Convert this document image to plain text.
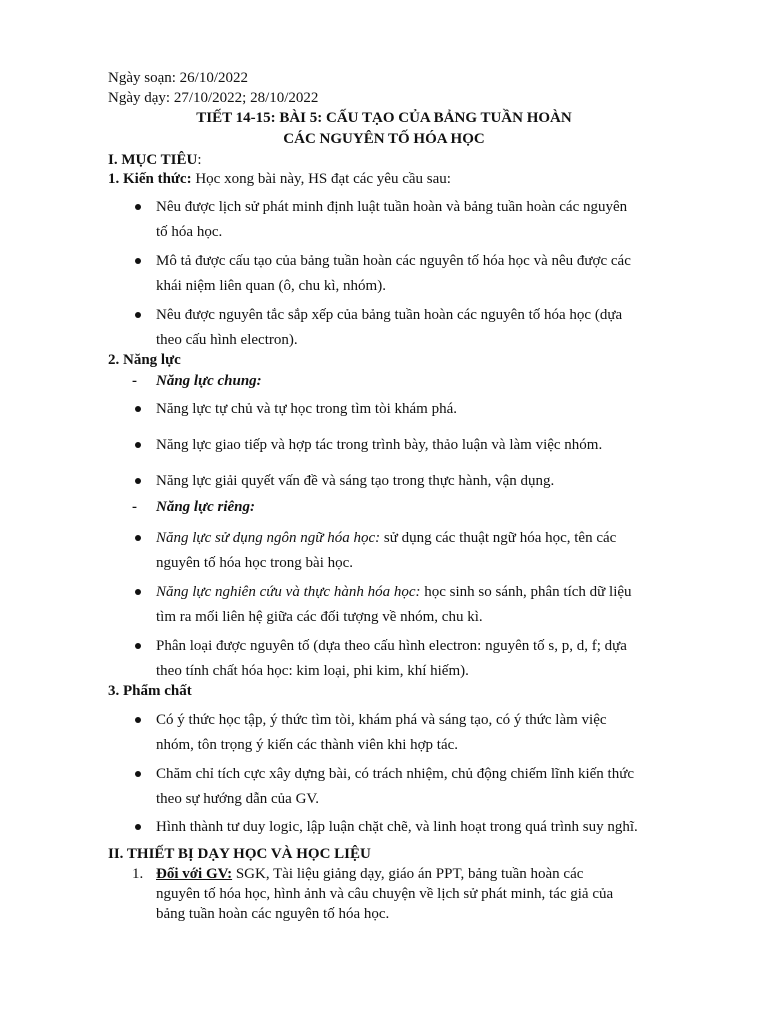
Ngày soạn: 26/10/2022
Ngày dạy: 27/10/2022; 28/10/2022
TIẾT 14-15: BÀI 5: CẤU TẠO CỦA BẢNG TUẦN HOÀN
CÁC NGUYÊN TỐ HÓA HỌC
I. MỤC TIÊU:
1. Kiến thức: Học xong bài này, HS đạt các yêu cầu sau:
Nêu được lịch sử phát minh định luật tuần hoàn và bảng tuần hoàn các nguyên
tố hóa học.
Mô tả được cấu tạo của bảng tuần hoàn các nguyên tố hóa học và nêu được các
khái niệm liên quan (ô, chu kì, nhóm).
Nêu được nguyên tắc sắp xếp của bảng tuần hoàn các nguyên tố hóa học (dựa
theo cấu hình electron).
2. Năng lực
- Năng lực chung:
Năng lực tự chủ và tự học trong tìm tòi khám phá.
Năng lực giao tiếp và hợp tác trong trình bày, thảo luận và làm việc nhóm.
Năng lực giải quyết vấn đề và sáng tạo trong thực hành, vận dụng.
- Năng lực riêng:
Năng lực sử dụng ngôn ngữ hóa học: sử dụng các thuật ngữ hóa học, tên các
nguyên tố hóa học trong bài học.
Năng lực nghiên cứu và thực hành hóa học: học sinh so sánh, phân tích dữ liệu
tìm ra mối liên hệ giữa các đối tượng về nhóm, chu kì.
Phân loại được nguyên tố (dựa theo cấu hình electron: nguyên tố s, p, d, f; dựa
theo tính chất hóa học: kim loại, phi kim, khí hiếm).
3. Phẩm chất
Có ý thức học tập, ý thức tìm tòi, khám phá và sáng tạo, có ý thức làm việc
nhóm, tôn trọng ý kiến các thành viên khi hợp tác.
Chăm chỉ tích cực xây dựng bài, có trách nhiệm, chủ động chiếm lĩnh kiến thức
theo sự hướng dẫn của GV.
Hình thành tư duy logic, lập luận chặt chẽ, và linh hoạt trong quá trình suy nghĩ.
II. THIẾT BỊ DẠY HỌC VÀ HỌC LIỆU
1. Đối với GV: SGK, Tài liệu giảng dạy, giáo án PPT, bảng tuần hoàn các
nguyên tố hóa học, hình ảnh và câu chuyện về lịch sử phát minh, tác giả của
bảng tuần hoàn các nguyên tố hóa học.
